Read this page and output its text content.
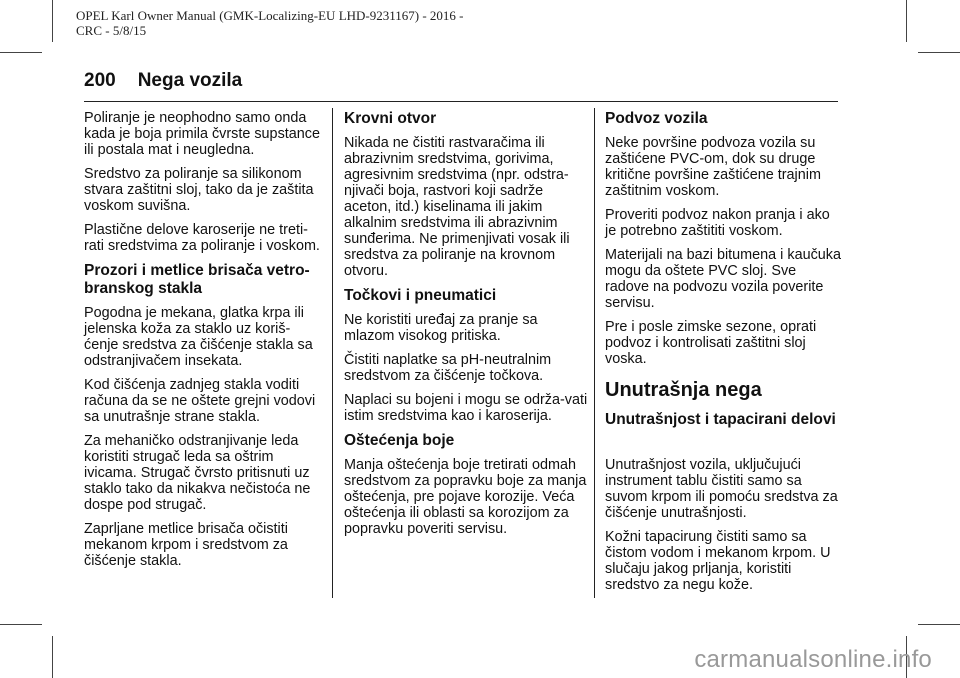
OPEL Karl Owner Manual (GMK-Localizing-EU LHD-9231167) - 2016 -
CRC - 5/8/15
200 Nega vozila

Poliranje je neophodno samo onda kada je boja primila čvrste supstance ili postala mat i neugledna.

Sredstvo za poliranje sa silikonom stvara zaštitni sloj, tako da je zaštita voskom suvišna.

Plastične delove karoserije ne treti-rati sredstvima za poliranje i voskom.

Prozori i metlice brisača vetro-branskog stakla

Pogodna je mekana, glatka krpa ili jelenska koža za staklo uz koriš-ćenje sredstva za čišćenje stakla sa odstranjivačem insekata.

Kod čišćenja zadnjeg stakla voditi računa da se ne oštete grejni vodovi sa unutrašnje strane stakla.

Za mehaničko odstranjivanje leda koristiti strugač leda sa oštrim ivicama. Strugač čvrsto pritisnuti uz staklo tako da nikakva nečistoća ne dospe pod strugač.

Zaprljane metlice brisača očistiti mekanom krpom i sredstvom za čišćenje stakla.

Krovni otvor

Nikada ne čistiti rastvaračima ili abrazivnim sredstvima, gorivima, agresivnim sredstvima (npr. odstra-njivači boja, rastvori koji sadrže aceton, itd.) kiselinama ili jakim alkalnim sredstvima ili abrazivnim sunđerima. Ne primenjivati vosak ili sredstva za poliranje na krovnom otvoru.

Točkovi i pneumatici

Ne koristiti uređaj za pranje sa mlazom visokog pritiska.

Čistiti naplatke sa pH-neutralnim sredstvom za čišćenje točkova.

Naplaci su bojeni i mogu se održa-vati istim sredstvima kao i karoserija.

Oštećenja boje

Manja oštećenja boje tretirati odmah sredstvom za popravku boje za manja oštećenja, pre pojave korozije. Veća oštećenja ili oblasti sa korozijom za popravku poveriti servisu.

Podvoz vozila

Neke površine podvoza vozila su zaštićene PVC-om, dok su druge kritične površine zaštićene trajnim zaštitnim voskom.

Proveriti podvoz nakon pranja i ako je potrebno zaštititi voskom.

Materijali na bazi bitumena i kaučuka mogu da oštete PVC sloj. Sve radove na podvozu vozila poverite servisu.

Pre i posle zimske sezone, oprati podvoz i kontrolisati zaštitni sloj voska.

Unutrašnja nega
Unutrašnjost i tapacirani delovi

Unutrašnjost vozila, uključujući instrument tablu čistiti samo sa suvom krpom ili pomoću sredstva za čišćenje unutrašnjosti.

Kožni tapacirung čistiti samo sa čistom vodom i mekanom krpom. U slučaju jakog prljanja, koristiti sredstvo za negu kože.

carmanualsonline.info
